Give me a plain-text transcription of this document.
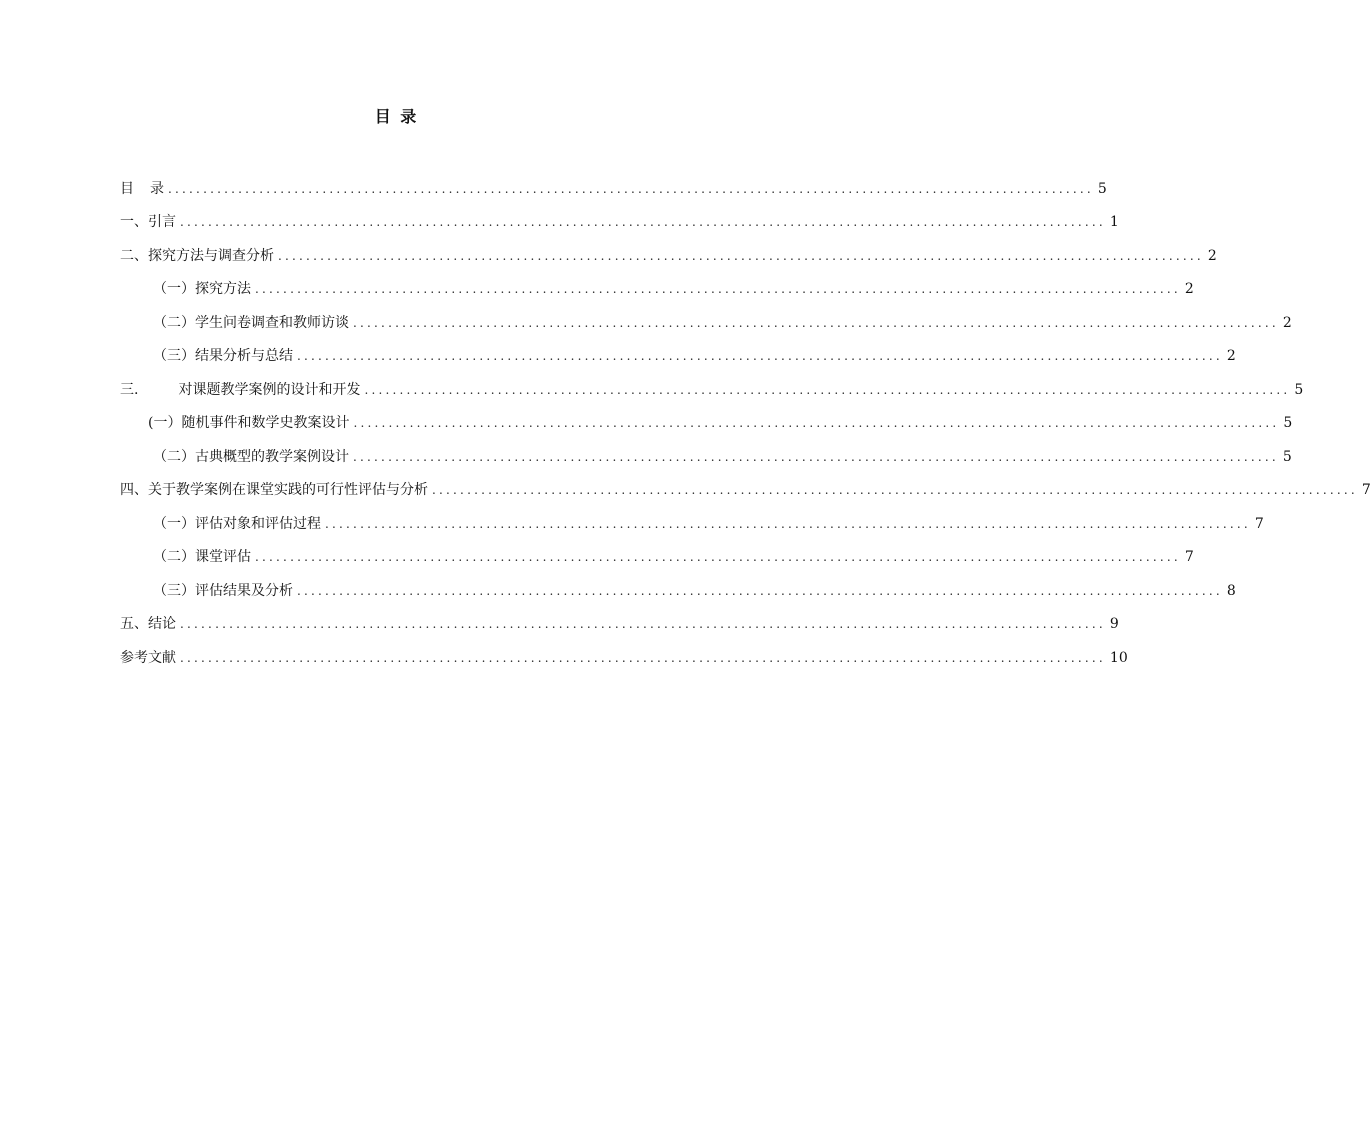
目 录
目 录 .................................................................................................................................... 5
一、引言 .................................................................................................................................... 1
二、探究方法与调查分析 .................................................................................................................................... 2
（一）探究方法 .................................................................................................................................... 2
（二）学生问卷调查和教师访谈 .................................................................................................................................... 2
（三）结果分析与总结 .................................................................................................................................... 2
三.	对课题教学案例的设计和开发 .................................................................................................................................... 5
(一）随机事件和数学史教案设计 .................................................................................................................................... 5
（二）古典概型的教学案例设计 .................................................................................................................................... 5
四、关于教学案例在课堂实践的可行性评估与分析 .................................................................................................................................... 7
（一）评估对象和评估过程 .................................................................................................................................... 7
（二）课堂评估 .................................................................................................................................... 7
（三）评估结果及分析 .................................................................................................................................... 8
五、结论 .................................................................................................................................... 9
参考文献 .................................................................................................................................... 10
